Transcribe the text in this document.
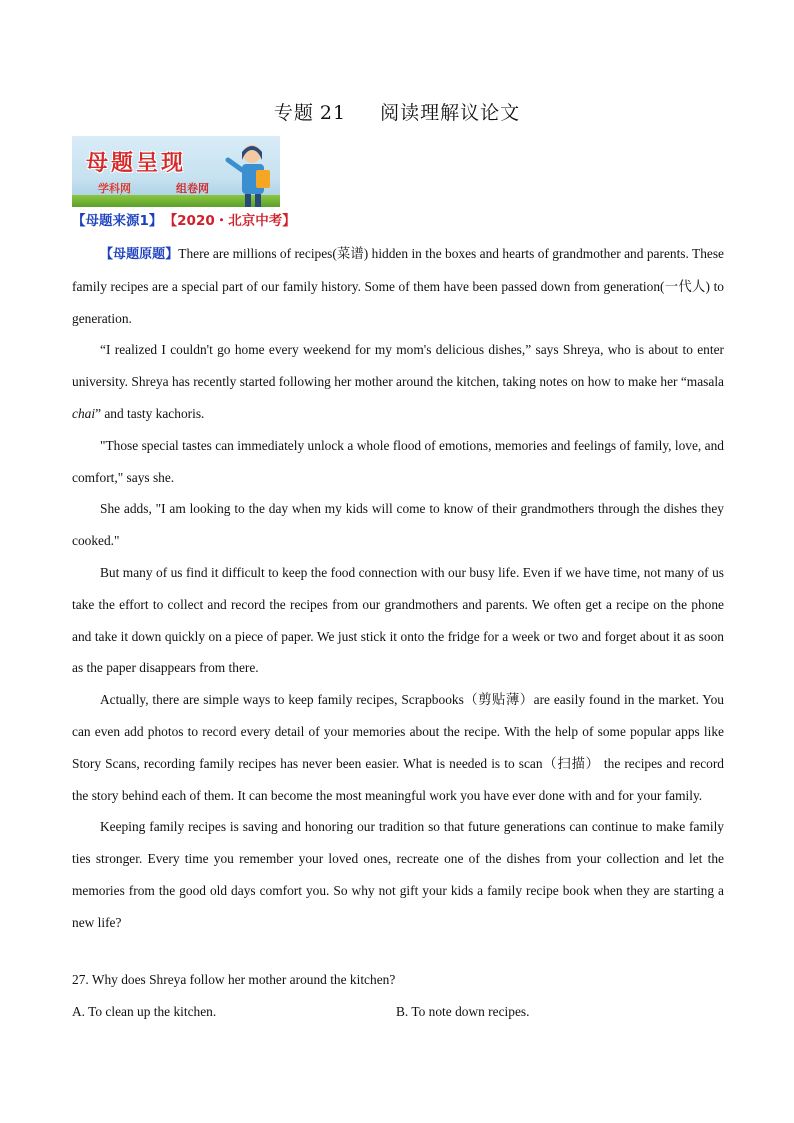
专题 21 阅读理解议论文
母题呈现
学科网	组卷网
【母题来源1】 【2020・北京中考】

【母题原题】There are millions of recipes(菜谱) hidden in the boxes and hearts of grandmother and parents. These family recipes are a special part of our family history. Some of them have been passed down from generation(一代人) to generation.

“I realized I couldn't go home every weekend for my mom's delicious dishes,” says Shreya, who is about to enter university. Shreya has recently started following her mother around the kitchen, taking notes on how to make her “masala chai” and tasty kachoris.

"Those special tastes can immediately unlock a whole flood of emotions, memories and feelings of family, love, and comfort," says she.

She adds, "I am looking to the day when my kids will come to know of their grandmothers through the dishes they cooked."

But many of us find it difficult to keep the food connection with our busy life. Even if we have time, not many of us take the effort to collect and record the recipes from our grandmothers and parents. We often get a recipe on the phone and take it down quickly on a piece of paper. We just stick it onto the fridge for a week or two and forget about it as soon as the paper disappears from there.

Actually, there are simple ways to keep family recipes, Scrapbooks（剪贴薄）are easily found in the market. You can even add photos to record every detail of your memories about the recipe. With the help of some popular apps like Story Scans, recording family recipes has never been easier. What is needed is to scan（扫描） the recipes and record the story behind each of them. It can become the most meaningful work you have ever done with and for your family.

Keeping family recipes is saving and honoring our tradition so that future generations can continue to make family ties stronger. Every time you remember your loved ones, recreate one of the dishes from your collection and let the memories from the good old days comfort you. So why not gift your kids a family recipe book when they are starting a new life?

27. Why does Shreya follow her mother around the kitchen?
A. To clean up the kitchen.	B. To note down recipes.
